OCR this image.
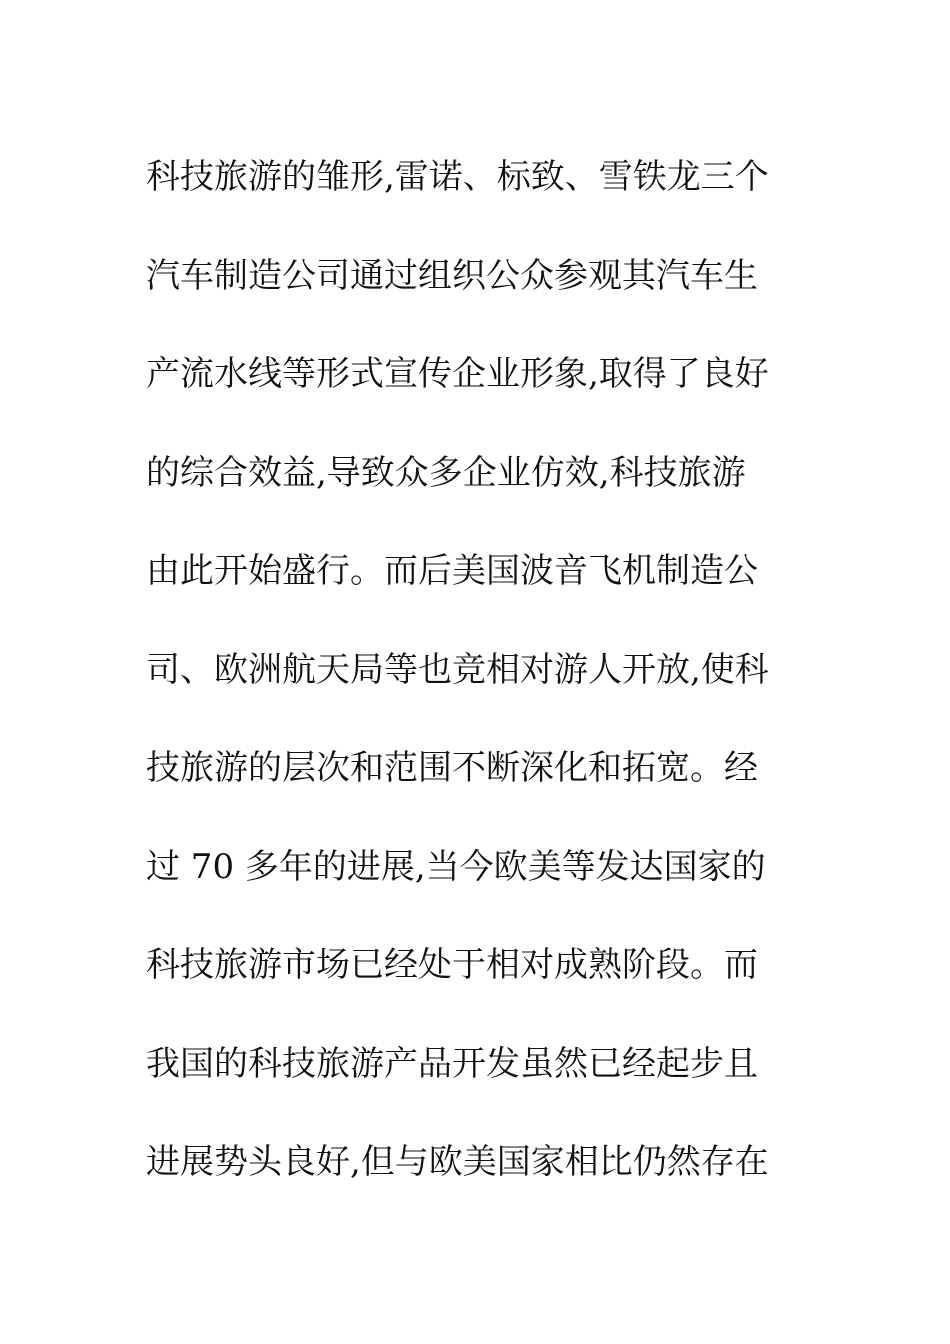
科技旅游的雏形,雷诺、标致、雪铁龙三个
汽车制造公司通过组织公众参观其汽车生
产流水线等形式宣传企业形象,取得了良好
的综合效益,导致众多企业仿效,科技旅游
由此开始盛行。而后美国波音飞机制造公
司、欧洲航天局等也竞相对游人开放,使科
技旅游的层次和范围不断深化和拓宽。经
过 70 多年的进展,当今欧美等发达国家的
科技旅游市场已经处于相对成熟阶段。而
我国的科技旅游产品开发虽然已经起步且
进展势头良好,但与欧美国家相比仍然存在
